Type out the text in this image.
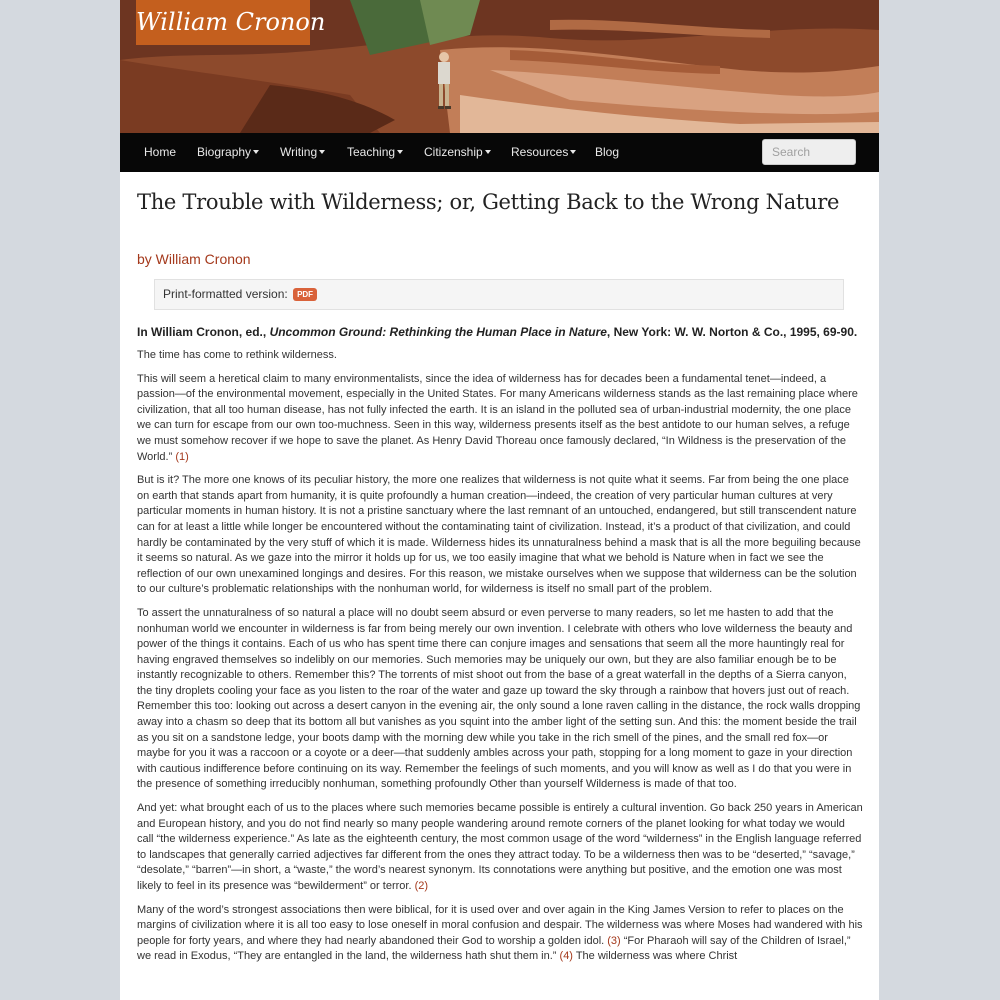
William Cronon
Home Biography	Writing	Teaching	Citizenship	Resources	Blog
Search
The Trouble with Wilderness; or, Getting Back to the Wrong Nature
by William Cronon
Print-formatted version: PDF
In William Cronon, ed., Uncommon Ground: Rethinking the Human Place in Nature, New York: W. W. Norton & Co., 1995, 69-90.

The time has come to rethink wilderness.

This will seem a heretical claim to many environmentalists, since the idea of wilderness has for decades been a fundamental tenet—indeed, a passion—of the environmental movement, especially in the United States. For many Americans wilderness stands as the last remaining place where civilization, that all too human disease, has not fully infected the earth. It is an island in the polluted sea of urban-industrial modernity, the one place we can turn for escape from our own too-muchness. Seen in this way, wilderness presents itself as the best antidote to our human selves, a refuge we must somehow recover if we hope to save the planet. As Henry David Thoreau once famously declared, “In Wildness is the preservation of the World.” (1)

But is it? The more one knows of its peculiar history, the more one realizes that wilderness is not quite what it seems. Far from being the one place on earth that stands apart from humanity, it is quite profoundly a human creation—indeed, the creation of very particular human cultures at very particular moments in human history. It is not a pristine sanctuary where the last remnant of an untouched, endangered, but still transcendent nature can for at least a little while longer be encountered without the contaminating taint of civilization. Instead, it’s a product of that civilization, and could hardly be contaminated by the very stuff of which it is made. Wilderness hides its unnaturalness behind a mask that is all the more beguiling because it seems so natural. As we gaze into the mirror it holds up for us, we too easily imagine that what we behold is Nature when in fact we see the reflection of our own unexamined longings and desires. For this reason, we mistake ourselves when we suppose that wilderness can be the solution to our culture’s problematic relationships with the nonhuman world, for wilderness is itself no small part of the problem.

To assert the unnaturalness of so natural a place will no doubt seem absurd or even perverse to many readers, so let me hasten to add that the nonhuman world we encounter in wilderness is far from being merely our own invention. I celebrate with others who love wilderness the beauty and power of the things it contains. Each of us who has spent time there can conjure images and sensations that seem all the more hauntingly real for having engraved themselves so indelibly on our memories. Such memories may be uniquely our own, but they are also familiar enough be to be instantly recognizable to others. Remember this? The torrents of mist shoot out from the base of a great waterfall in the depths of a Sierra canyon, the tiny droplets cooling your face as you listen to the roar of the water and gaze up toward the sky through a rainbow that hovers just out of reach. Remember this too: looking out across a desert canyon in the evening air, the only sound a lone raven calling in the distance, the rock walls dropping away into a chasm so deep that its bottom all but vanishes as you squint into the amber light of the setting sun. And this: the moment beside the trail as you sit on a sandstone ledge, your boots damp with the morning dew while you take in the rich smell of the pines, and the small red fox—or maybe for you it was a raccoon or a coyote or a deer—that suddenly ambles across your path, stopping for a long moment to gaze in your direction with cautious indifference before continuing on its way. Remember the feelings of such moments, and you will know as well as I do that you were in the presence of something irreducibly nonhuman, something profoundly Other than yourself Wilderness is made of that too.

And yet: what brought each of us to the places where such memories became possible is entirely a cultural invention. Go back 250 years in American and European history, and you do not find nearly so many people wandering around remote corners of the planet looking for what today we would call “the wilderness experience.” As late as the eighteenth century, the most common usage of the word “wilderness” in the English language referred to landscapes that generally carried adjectives far different from the ones they attract today. To be a wilderness then was to be “deserted,” “savage,” “desolate,” “barren”—in short, a “waste,” the word’s nearest synonym. Its connotations were anything but positive, and the emotion one was most likely to feel in its presence was “bewilderment” or terror. (2)

Many of the word’s strongest associations then were biblical, for it is used over and over again in the King James Version to refer to places on the margins of civilization where it is all too easy to lose oneself in moral confusion and despair. The wilderness was where Moses had wandered with his people for forty years, and where they had nearly abandoned their God to worship a golden idol. (3) “For Pharaoh will say of the Children of Israel,” we read in Exodus, “They are entangled in the land, the wilderness hath shut them in.” (4) The wilderness was where Christ
